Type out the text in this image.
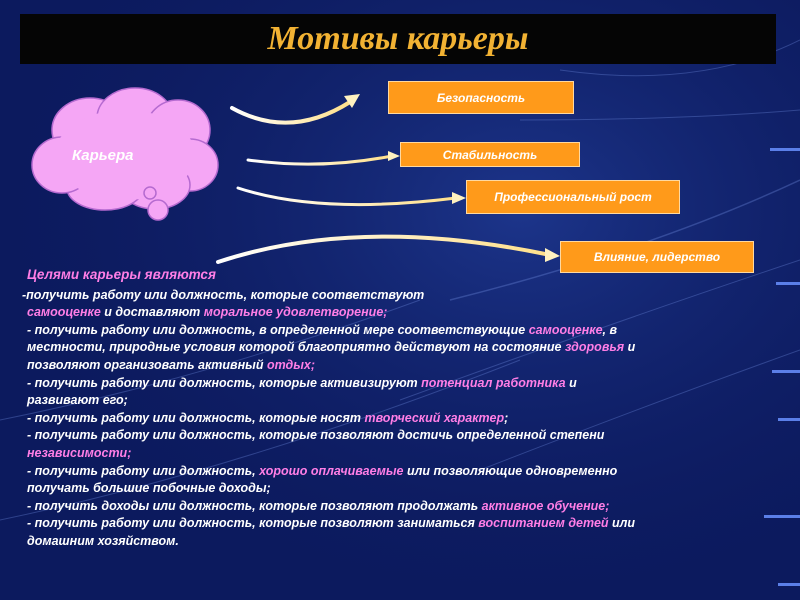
Мотивы карьеры
Карьера
Безопасность
Стабильность
Профессиональный рост
Влияние, лидерство
Целями карьеры являются
-получить работу или должность, которые соответствуют
самооценке и доставляют моральное удовлетворение;
- получить работу или должность, в определенной мере соответствующие самооценке, в
местности, природные условия которой благоприятно действуют на состояние здоровья и
позволяют организовать активный отдых;
- получить работу или должность, которые активизируют потенциал работника и
развивают его;
- получить работу или должность, которые носят творческий характер;
- получить работу или должность, которые позволяют достичь определенной степени
независимости;
- получить работу или должность, хорошо оплачиваемые или позволяющие одновременно
получать большие побочные доходы;
- получить доходы или должность, которые позволяют продолжать активное обучение;
- получить работу или должность, которые позволяют заниматься воспитанием детей или
домашним хозяйством.
